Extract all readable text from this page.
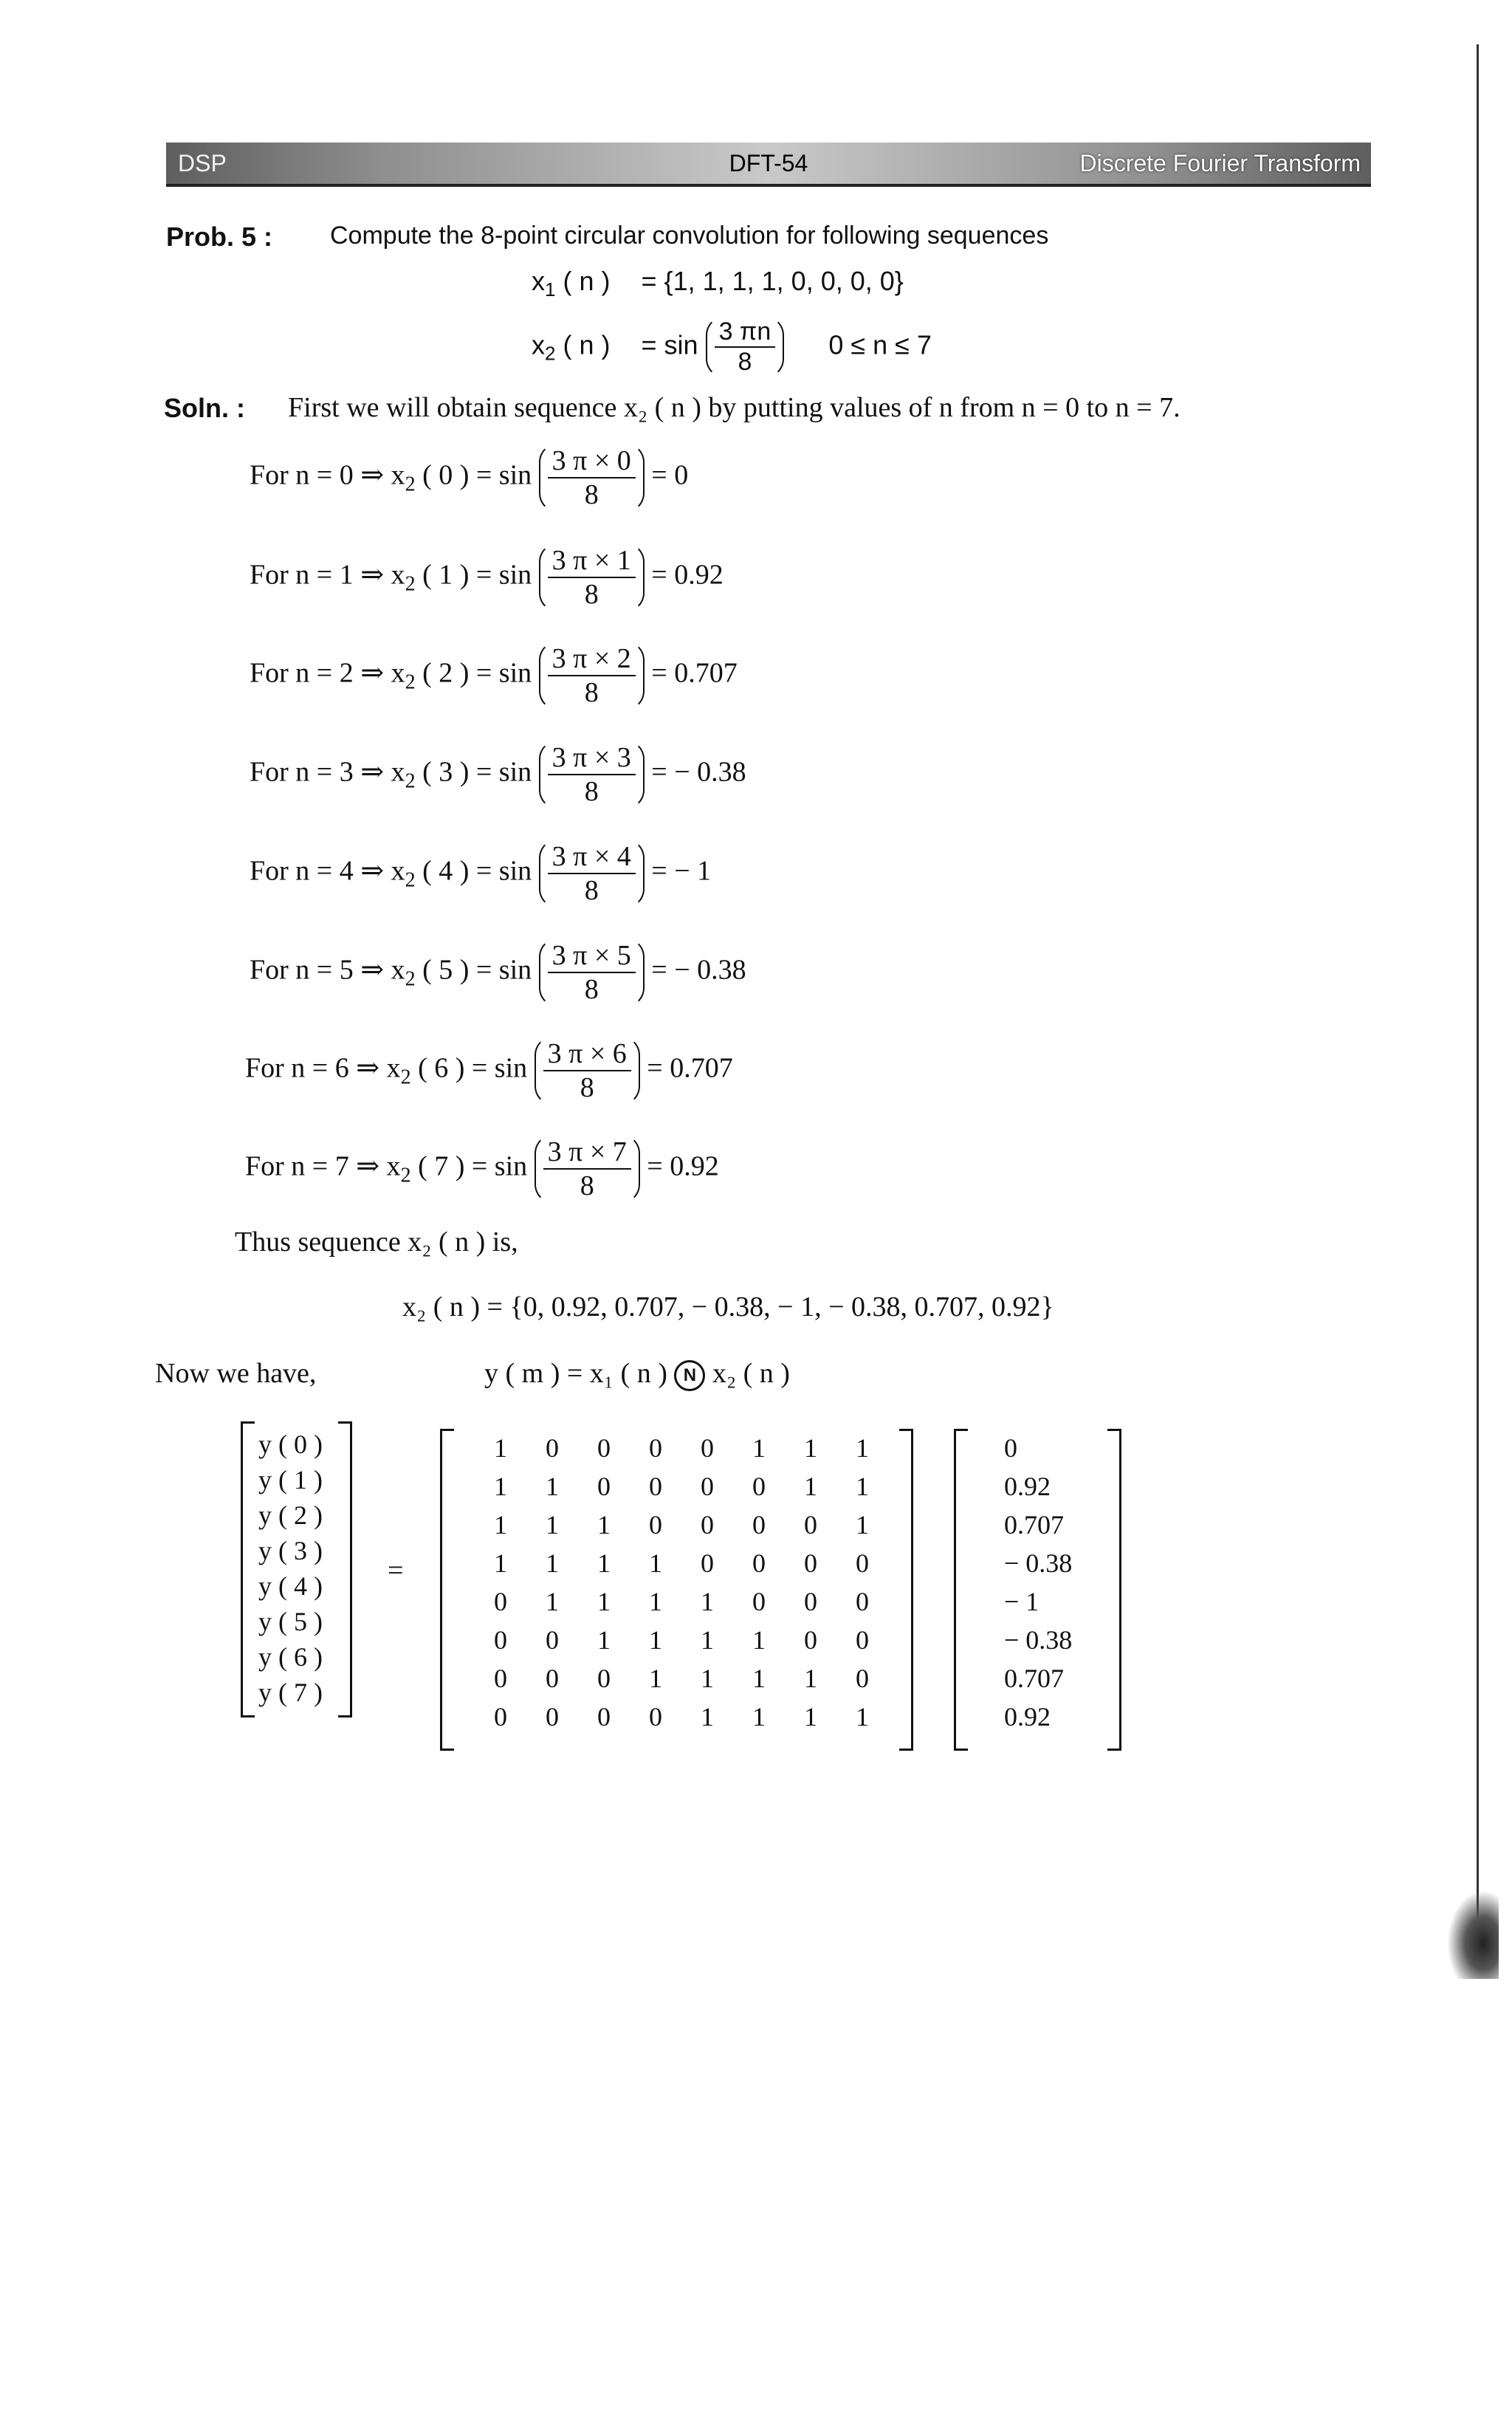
DSP	DFT-54	Discrete Fourier Transform
Prob. 5 : Compute the 8-point circular convolution for following sequences
$x_1$ ( n ) = {1, 1, 1, 1, 0, 0, 0, 0}
$x_2$ ( n ) = $\sin \frac{3 \pi n}{8} 0 \le n \le 7$
Soln. : First we will obtain sequence x₂ ( n ) by putting values of n from n = 0 to n = 7.
For n = 0 ⇒ $x_2$ ( 0 ) = $\sin \frac{3 \pi \times 0}{8} = 0$
For n = 1 ⇒ $x_2$ ( 1 ) = $\sin \frac{3 \pi \times 1}{8} = 0.92$
For n = 2 ⇒ $x_2$ ( 2 ) = $\sin \frac{3 \pi \times 2}{8} = 0.707$
For n = 3 ⇒ $x_2$ ( 3 ) = $\sin \frac{3 \pi \times 3}{8}$ = − 0.38
For n = 4 ⇒ $x_2$ ( 4 ) = $\sin \frac{3 \pi \times 4}{8}$ = − 1
For n = 5 ⇒ $x_2$ ( 5 ) = $\sin \frac{3 \pi \times 5}{8}$ = − 0.38
For n = 6 ⇒ $x_2$ ( 6 ) = $\sin \frac{3 \pi \times 6}{8} = 0.707$
For n = 7 ⇒ $x_2$ ( 7 ) = $\sin \frac{3 \pi \times 7}{8} = 0.92$
Thus sequence x₂ ( n ) is,
x₂ ( n ) = {0, 0.92, 0.707, − 0.38, − 1, − 0.38, 0.707, 0.92}
Now we have,	y ( m ) = x₁ ( n ) N x₂ ( n )
y ( 0 )
y ( 1 )
y ( 2 )
y ( 3 )
y ( 4 )
y ( 5 )
y ( 6 )
y ( 7 )
=
1	0	0	0	0	1	1	1
1	1	0	0	0	0	1	1
1	1	1	0	0	0	0	1
1	1	1	1	0	0	0	0
0	1	1	1	1	0	0	0
0	0	1	1	1	1	0	0
0	0	0	1	1	1	1	0
0	0	0	0	1	1	1	1
0
0.92
0.707
− 0.38
− 1
− 0.38
0.707
0.92
